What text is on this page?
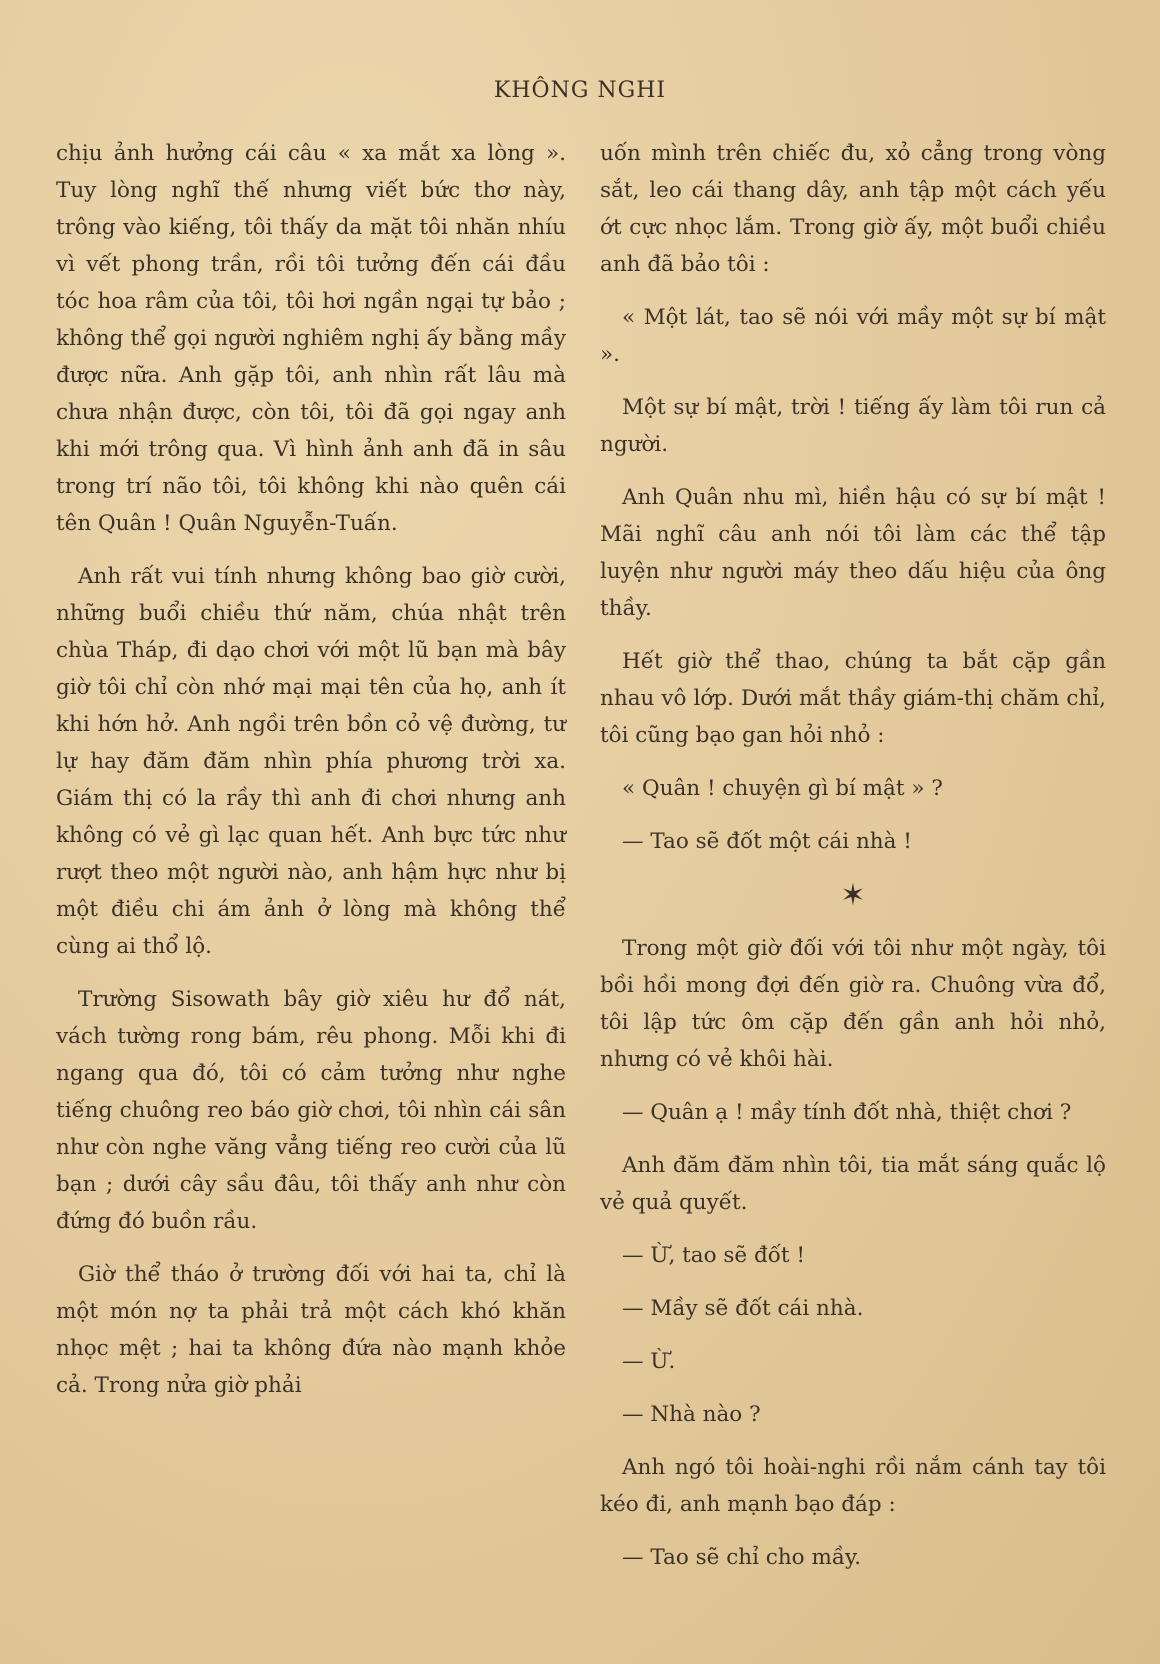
KHÔNG NGHI

chịu ảnh hưởng cái câu « xa mắt xa lòng ». Tuy lòng nghĩ thế nhưng viết bức thơ này, trông vào kiếng, tôi thấy da mặt tôi nhăn nhíu vì vết phong trần, rồi tôi tưởng đến cái đầu tóc hoa râm của tôi, tôi hơi ngần ngại tự bảo ; không thể gọi người nghiêm nghị ấy bằng mầy được nữa. Anh gặp tôi, anh nhìn rất lâu mà chưa nhận được, còn tôi, tôi đã gọi ngay anh khi mới trông qua. Vì hình ảnh anh đã in sâu trong trí não tôi, tôi không khi nào quên cái tên Quân ! Quân Nguyễn-Tuấn.

Anh rất vui tính nhưng không bao giờ cười, những buổi chiều thứ năm, chúa nhật trên chùa Tháp, đi dạo chơi với một lũ bạn mà bây giờ tôi chỉ còn nhớ mại mại tên của họ, anh ít khi hớn hở. Anh ngồi trên bồn cỏ vệ đường, tư lự hay đăm đăm nhìn phía phương trời xa. Giám thị có la rầy thì anh đi chơi nhưng anh không có vẻ gì lạc quan hết. Anh bực tức như rượt theo một người nào, anh hậm hực như bị một điều chi ám ảnh ở lòng mà không thể cùng ai thổ lộ.

Trường Sisowath bây giờ xiêu hư đổ nát, vách tường rong bám, rêu phong. Mỗi khi đi ngang qua đó, tôi có cảm tưởng như nghe tiếng chuông reo báo giờ chơi, tôi nhìn cái sân như còn nghe văng vẳng tiếng reo cười của lũ bạn ; dưới cây sầu đâu, tôi thấy anh như còn đứng đó buồn rầu.

Giờ thể tháo ở trường đối với hai ta, chỉ là một món nợ ta phải trả một cách khó khăn nhọc mệt ; hai ta không đứa nào mạnh khỏe cả. Trong nửa giờ phải

uốn mình trên chiếc đu, xỏ cẳng trong vòng sắt, leo cái thang dây, anh tập một cách yếu ớt cực nhọc lắm. Trong giờ ấy, một buổi chiều anh đã bảo tôi :

« Một lát, tao sẽ nói với mầy một sự bí mật ».

Một sự bí mật, trời ! tiếng ấy làm tôi run cả người.

Anh Quân nhu mì, hiền hậu có sự bí mật ! Mãi nghĩ câu anh nói tôi làm các thể tập luyện như người máy theo dấu hiệu của ông thầy.

Hết giờ thể thao, chúng ta bắt cặp gần nhau vô lớp. Dưới mắt thầy giám-thị chăm chỉ, tôi cũng bạo gan hỏi nhỏ :

« Quân ! chuyện gì bí mật » ?

— Tao sẽ đốt một cái nhà !

✶

Trong một giờ đối với tôi như một ngày, tôi bồi hồi mong đợi đến giờ ra. Chuông vừa đổ, tôi lập tức ôm cặp đến gần anh hỏi nhỏ, nhưng có vẻ khôi hài.

— Quân ạ ! mầy tính đốt nhà, thiệt chơi ?

Anh đăm đăm nhìn tôi, tia mắt sáng quắc lộ vẻ quả quyết.

— Ừ, tao sẽ đốt !

— Mầy sẽ đốt cái nhà.

— Ừ.

— Nhà nào ?

Anh ngó tôi hoài-nghi rồi nắm cánh tay tôi kéo đi, anh mạnh bạo đáp :

— Tao sẽ chỉ cho mầy.
